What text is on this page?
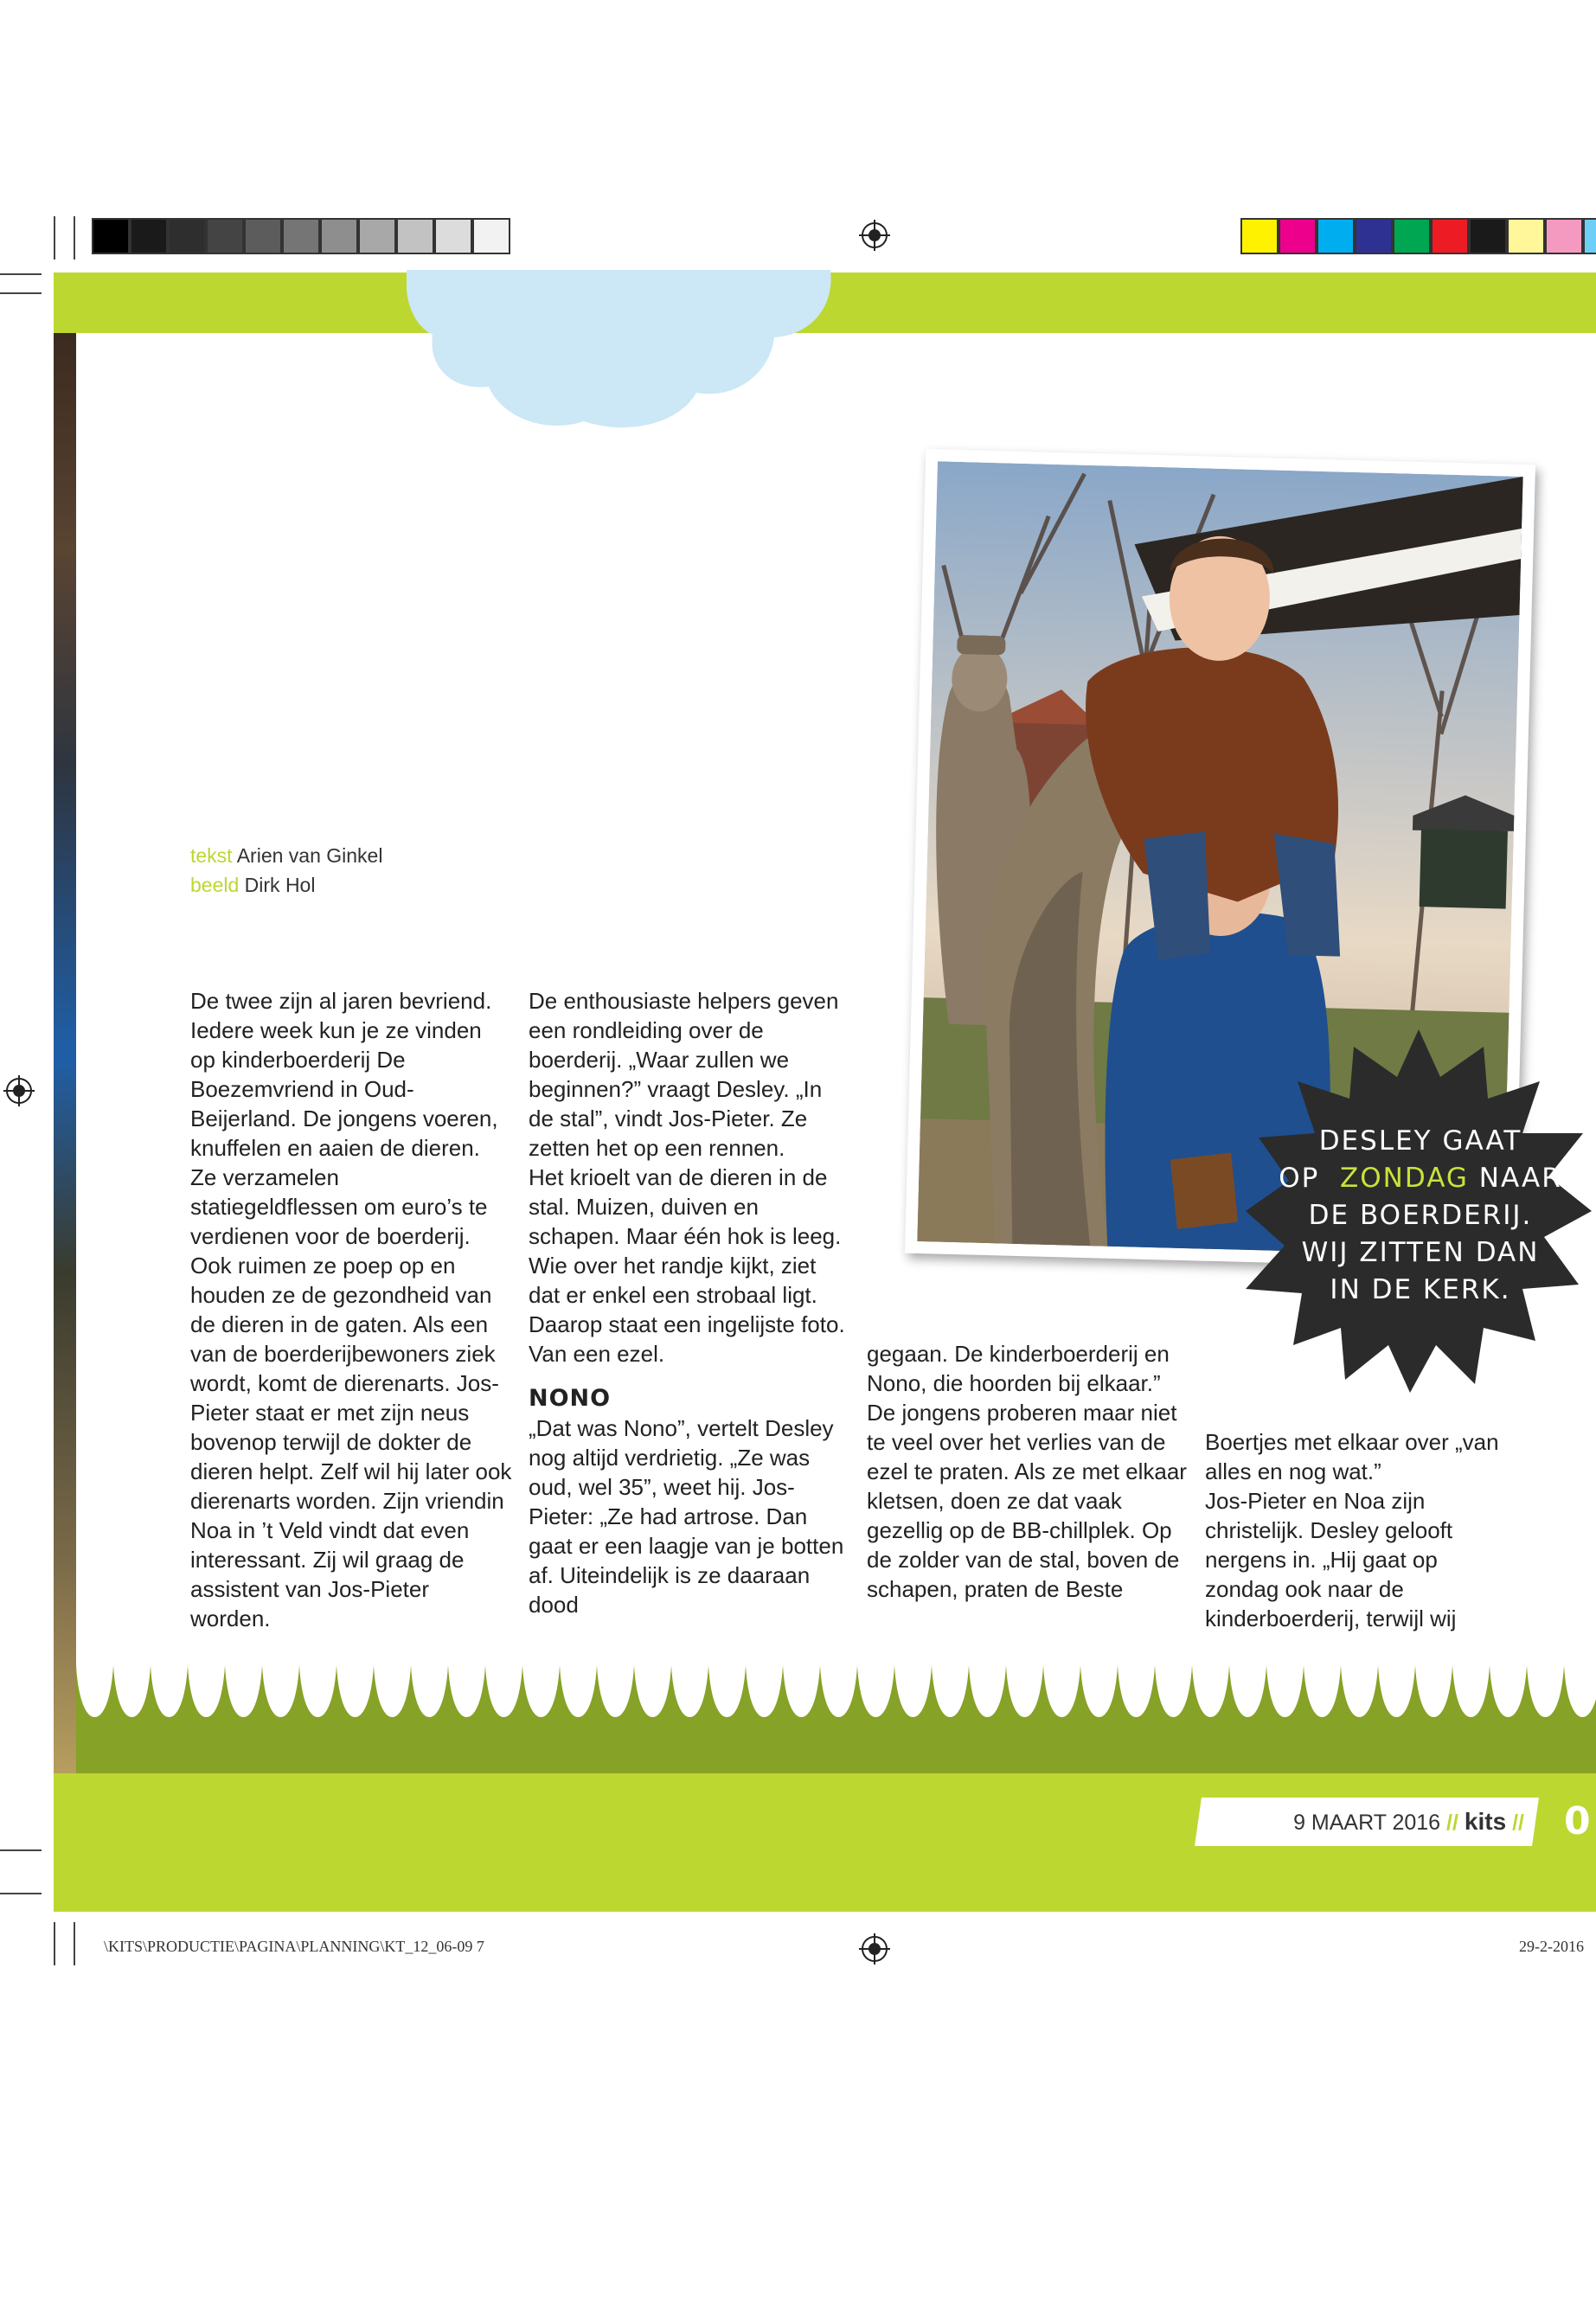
tekst Arien van Ginkel
beeld Dirk Hol

De twee zijn al jaren bevriend. Iedere week kun je ze vinden op kinderboerderij De Boezemvriend in Oud-Beijerland. De jongens voeren, knuffelen en aaien de dieren. Ze verzamelen statiegeldflessen om euro’s te verdienen voor de boerderij. Ook ruimen ze poep op en houden ze de gezondheid van de dieren in de gaten. Als een van de boerderijbewoners ziek wordt, komt de dierenarts. Jos-Pieter staat er met zijn neus bovenop terwijl de dokter de dieren helpt. Zelf wil hij later ook dierenarts worden. Zijn vriendin Noa in ’t Veld vindt dat even interessant. Zij wil graag de assistent van Jos-Pieter worden.

De enthousiaste helpers geven een rondleiding over de boerderij. „Waar zullen we beginnen?” vraagt Desley. „In de stal”, vindt Jos-Pieter. Ze zetten het op een rennen.

Het krioelt van de dieren in de stal. Muizen, duiven en schapen. Maar één hok is leeg. Wie over het randje kijkt, ziet dat er enkel een strobaal ligt. Daarop staat een ingelijste foto. Van een ezel.

NONO

„Dat was Nono”, vertelt Desley nog altijd verdrietig. „Ze was oud, wel 35”, weet hij. Jos-Pieter: „Ze had artrose. Dan gaat er een laagje van je botten af. Uiteindelijk is ze daaraan dood

gegaan. De kinderboerderij en Nono, die hoorden bij elkaar.”

De jongens proberen maar niet te veel over het verlies van de ezel te praten. Als ze met elkaar kletsen, doen ze dat vaak gezellig op de BB-chillplek. Op de zolder van de stal, boven de schapen, praten de Beste

Boertjes met elkaar over „van alles en nog wat.”

Jos-Pieter en Noa zijn christelijk. Desley gelooft nergens in. „Hij gaat op zondag ook naar de kinderboerderij, terwijl wij

DESLEY GAAT
OP ZONDAG NAAR
DE BOERDERIJ.
WIJ ZITTEN DAN
IN DE KERK.
9 MAART 2016 // kits // 0
\KITS\PRODUCTIE\PAGINA\PLANNING\KT_12_06-09 7	29-2-2016
